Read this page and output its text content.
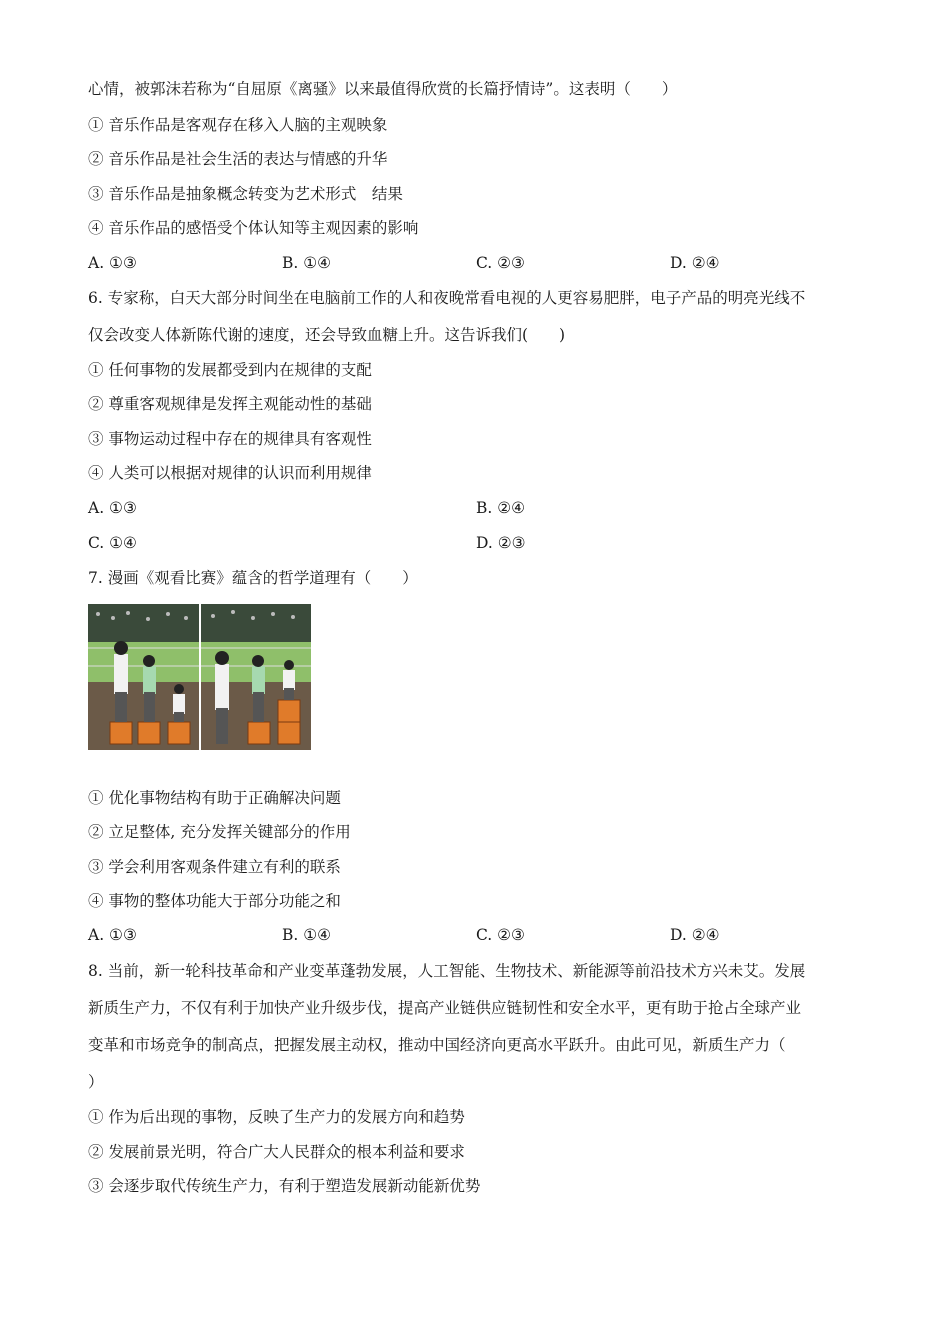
心情，被郭沫若称为“自屈原《离骚》以来最值得欣赏的长篇抒情诗”。这表明（　　）
① 音乐作品是客观存在移入人脑的主观映象
② 音乐作品是社会生活的表达与情感的升华
③ 音乐作品是抽象概念转变为艺术形式　结果
④ 音乐作品的感悟受个体认知等主观因素的影响
A. ①③	B. ①④	C. ②③	D. ②④
6. 专家称，白天大部分时间坐在电脑前工作的人和夜晚常看电视的人更容易肥胖，电子产品的明亮光线不
仅会改变人体新陈代谢的速度，还会导致血糖上升。这告诉我们(　　)
① 任何事物的发展都受到内在规律的支配
② 尊重客观规律是发挥主观能动性的基础
③ 事物运动过程中存在的规律具有客观性
④ 人类可以根据对规律的认识而利用规律
A. ①③	B. ②④
C. ①④	D. ②③
7. 漫画《观看比赛》蕴含的哲学道理有（　　）
① 优化事物结构有助于正确解决问题
② 立足整体, 充分发挥关键部分的作用
③ 学会利用客观条件建立有利的联系
④ 事物的整体功能大于部分功能之和
A. ①③	B. ①④	C. ②③	D. ②④
8. 当前，新一轮科技革命和产业变革蓬勃发展，人工智能、生物技术、新能源等前沿技术方兴未艾。发展
新质生产力，不仅有利于加快产业升级步伐，提高产业链供应链韧性和安全水平，更有助于抢占全球产业
变革和市场竞争的制高点，把握发展主动权，推动中国经济向更高水平跃升。由此可见，新质生产力（
）
① 作为后出现的事物，反映了生产力的发展方向和趋势
② 发展前景光明，符合广大人民群众的根本利益和要求
③ 会逐步取代传统生产力，有利于塑造发展新动能新优势
